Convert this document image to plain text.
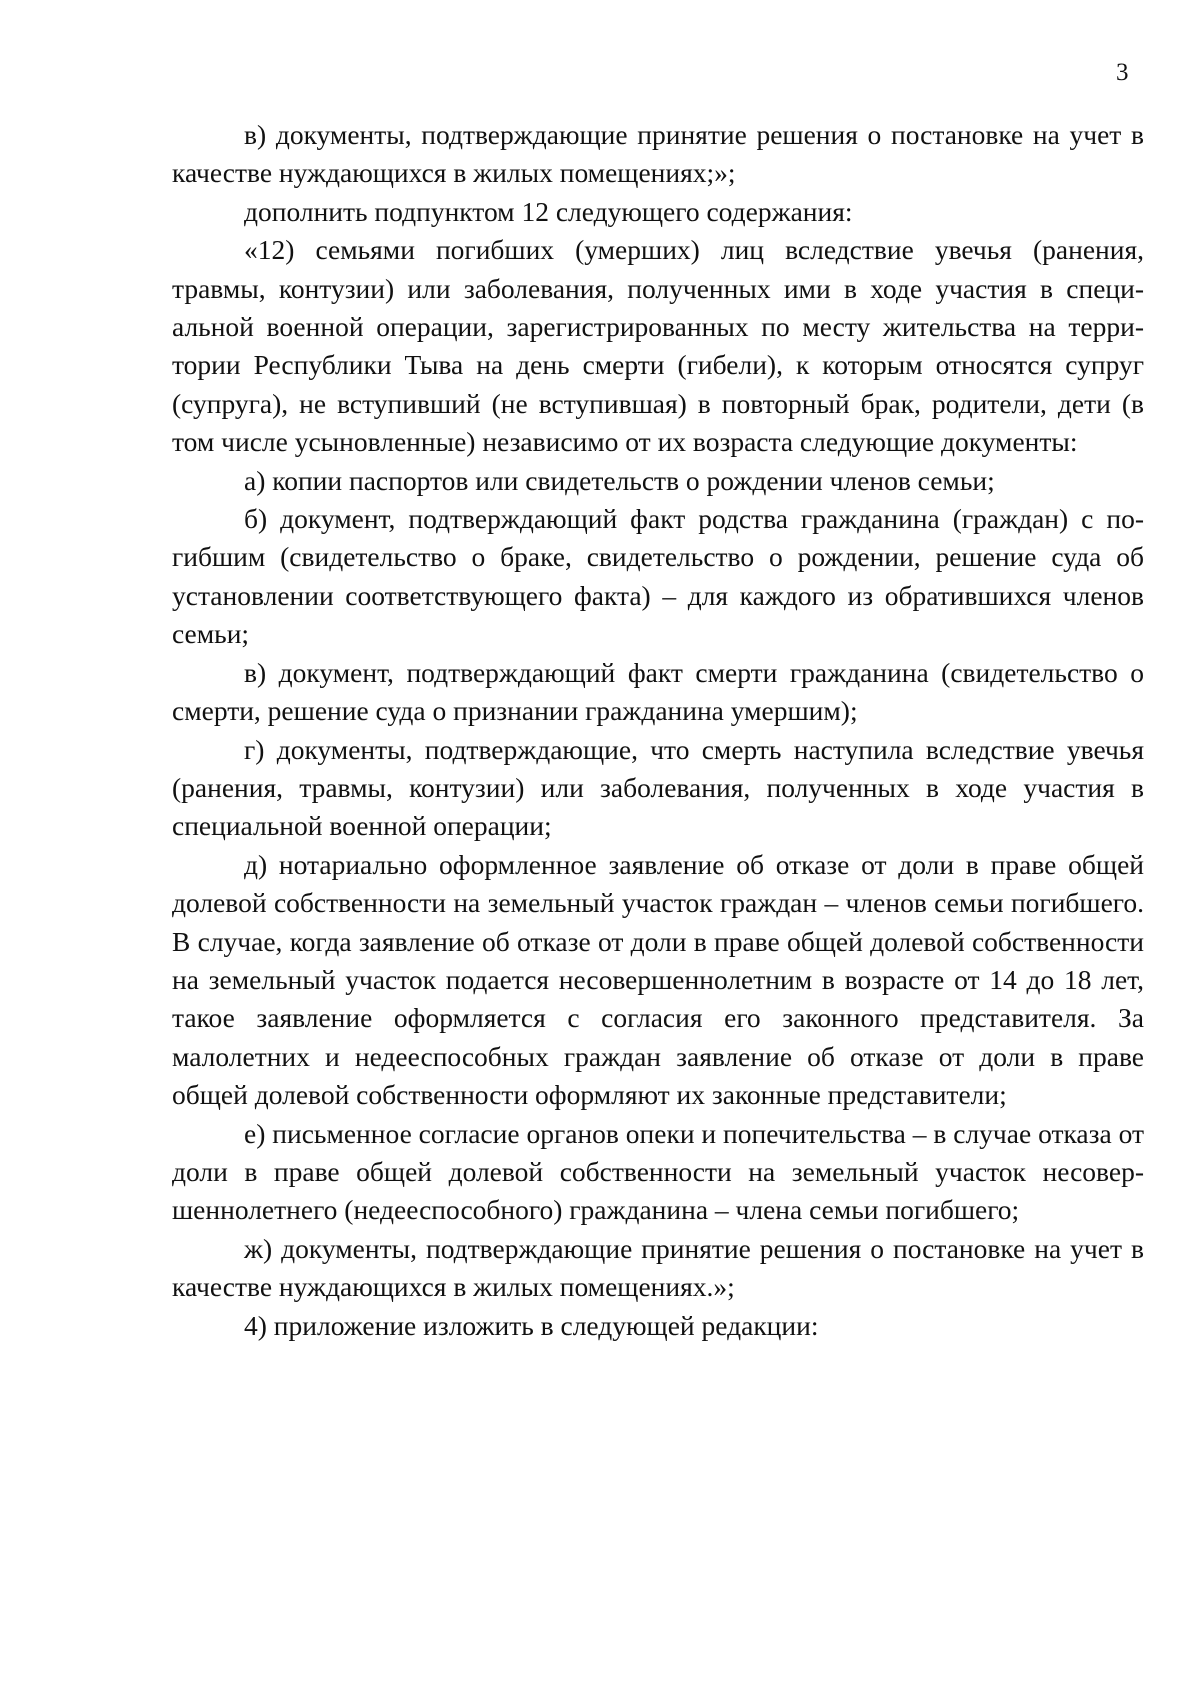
3

в) документы, подтверждающие принятие решения о постановке на учет в качестве нуждающихся в жилых помещениях;»;

дополнить подпунктом 12 следующего содержания:

«12) семьями погибших (умерших) лиц вследствие увечья (ранения, травмы, контузии) или заболевания, полученных ими в ходе участия в специальной военной операции, зарегистрированных по месту жительства на территории Республики Тыва на день смерти (гибели), к которым относятся супруг (супруга), не вступивший (не вступившая) в повторный брак, родители, дети (в том числе усыновленные) независимо от их возраста следующие документы:

а) копии паспортов или свидетельств о рождении членов семьи;

б) документ, подтверждающий факт родства гражданина (граждан) с погибшим (свидетельство о браке, свидетельство о рождении, решение суда об установлении соответствующего факта) – для каждого из обратившихся членов семьи;

в) документ, подтверждающий факт смерти гражданина (свидетельство о смерти, решение суда о признании гражданина умершим);

г) документы, подтверждающие, что смерть наступила вследствие увечья (ранения, травмы, контузии) или заболевания, полученных в ходе участия в специальной военной операции;

д) нотариально оформленное заявление об отказе от доли в праве общей долевой собственности на земельный участок граждан – членов семьи погибшего. В случае, когда заявление об отказе от доли в праве общей долевой собственности на земельный участок подается несовершеннолетним в возрасте от 14 до 18 лет, такое заявление оформляется с согласия его законного представителя. За малолетних и недееспособных граждан заявление об отказе от доли в праве общей долевой собственности оформляют их законные представители;

е) письменное согласие органов опеки и попечительства – в случае отказа от доли в праве общей долевой собственности на земельный участок несовершеннолетнего (недееспособного) гражданина – члена семьи погибшего;

ж) документы, подтверждающие принятие решения о постановке на учет в качестве нуждающихся в жилых помещениях.»;

4) приложение изложить в следующей редакции:
